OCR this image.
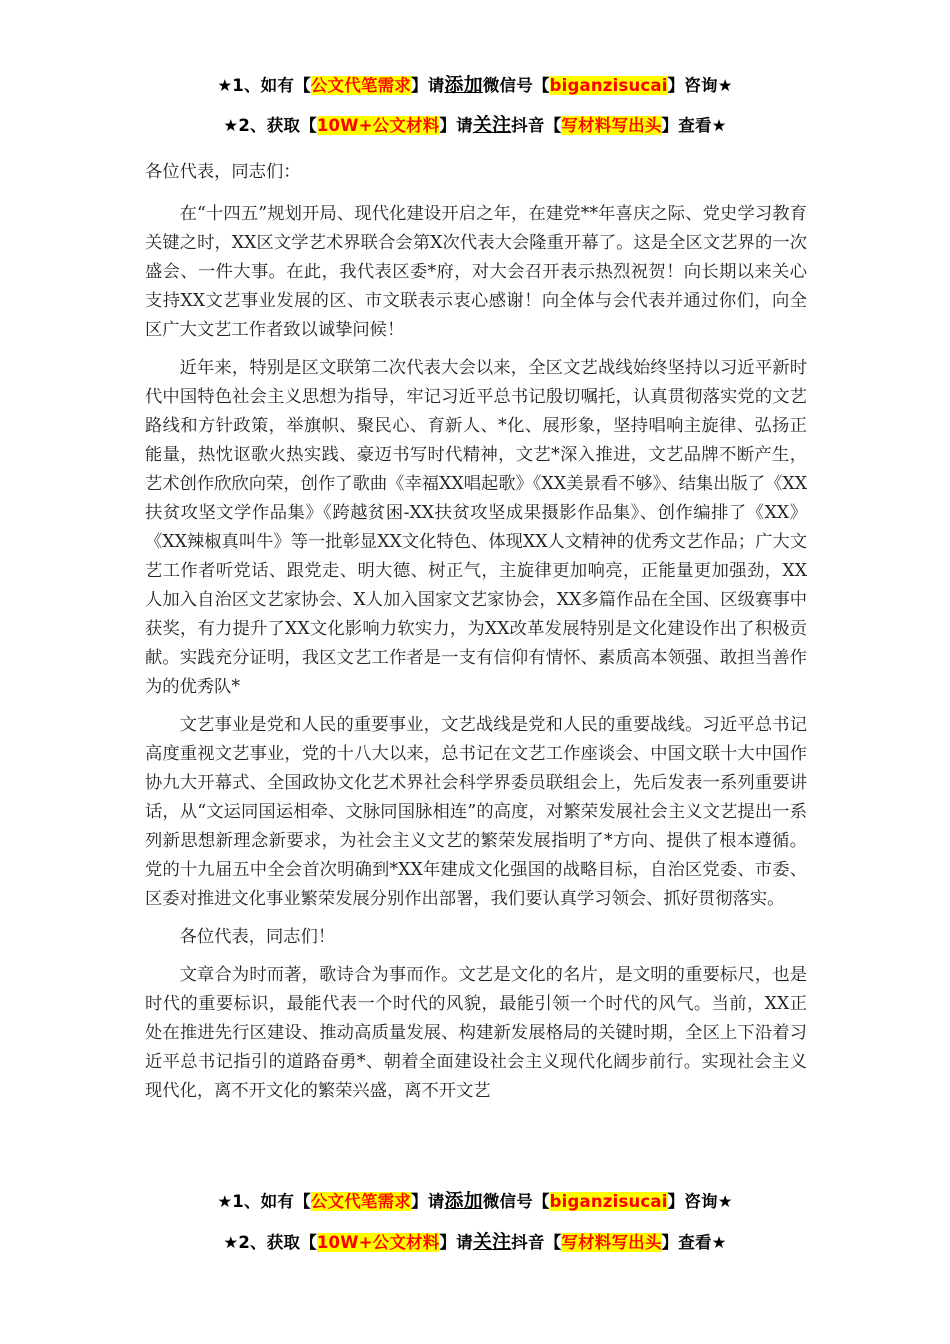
★1、如有【公文代笔需求】请添加微信号【biganzisucai】咨询★
★2、获取【10W+公文材料】请关注抖音【写材料写出头】查看★

各位代表，同志们：

在“十四五”规划开局、现代化建设开启之年，在建党**年喜庆之际、党史学习教育关键之时，XX区文学艺术界联合会第X次代表大会隆重开幕了。这是全区文艺界的一次盛会、一件大事。在此，我代表区委*府，对大会召开表示热烈祝贺！向长期以来关心支持XX文艺事业发展的区、市文联表示衷心感谢！向全体与会代表并通过你们，向全区广大文艺工作者致以诚挚问候！

近年来，特别是区文联第二次代表大会以来，全区文艺战线始终坚持以习近平新时代中国特色社会主义思想为指导，牢记习近平总书记殷切嘱托，认真贯彻落实党的文艺路线和方针政策，举旗帜、聚民心、育新人、*化、展形象，坚持唱响主旋律、弘扬正能量，热忱讴歌火热实践、豪迈书写时代精神，文艺*深入推进，文艺品牌不断产生，艺术创作欣欣向荣，创作了歌曲《幸福XX唱起歌》《XX美景看不够》、结集出版了《XX扶贫攻坚文学作品集》《跨越贫困-XX扶贫攻坚成果摄影作品集》、创作编排了《XX》《XX辣椒真叫牛》等一批彰显XX文化特色、体现XX人文精神的优秀文艺作品；广大文艺工作者听党话、跟党走、明大德、树正气，主旋律更加响亮，正能量更加强劲，XX人加入自治区文艺家协会、X人加入国家文艺家协会，XX多篇作品在全国、区级赛事中获奖，有力提升了XX文化影响力软实力，为XX改革发展特别是文化建设作出了积极贡献。实践充分证明，我区文艺工作者是一支有信仰有情怀、素质高本领强、敢担当善作为的优秀队*

文艺事业是党和人民的重要事业，文艺战线是党和人民的重要战线。习近平总书记高度重视文艺事业，党的十八大以来，总书记在文艺工作座谈会、中国文联十大中国作协九大开幕式、全国政协文化艺术界社会科学界委员联组会上，先后发表一系列重要讲话，从“文运同国运相牵、文脉同国脉相连”的高度，对繁荣发展社会主义文艺提出一系列新思想新理念新要求，为社会主义文艺的繁荣发展指明了*方向、提供了根本遵循。党的十九届五中全会首次明确到*XX年建成文化强国的战略目标，自治区党委、市委、区委对推进文化事业繁荣发展分别作出部署，我们要认真学习领会、抓好贯彻落实。

各位代表，同志们！

文章合为时而著，歌诗合为事而作。文艺是文化的名片，是文明的重要标尺，也是时代的重要标识，最能代表一个时代的风貌，最能引领一个时代的风气。当前，XX正处在推进先行区建设、推动高质量发展、构建新发展格局的关键时期，全区上下沿着习近平总书记指引的道路奋勇*、朝着全面建设社会主义现代化阔步前行。实现社会主义现代化，离不开文化的繁荣兴盛，离不开文艺

★1、如有【公文代笔需求】请添加微信号【biganzisucai】咨询★
★2、获取【10W+公文材料】请关注抖音【写材料写出头】查看★
